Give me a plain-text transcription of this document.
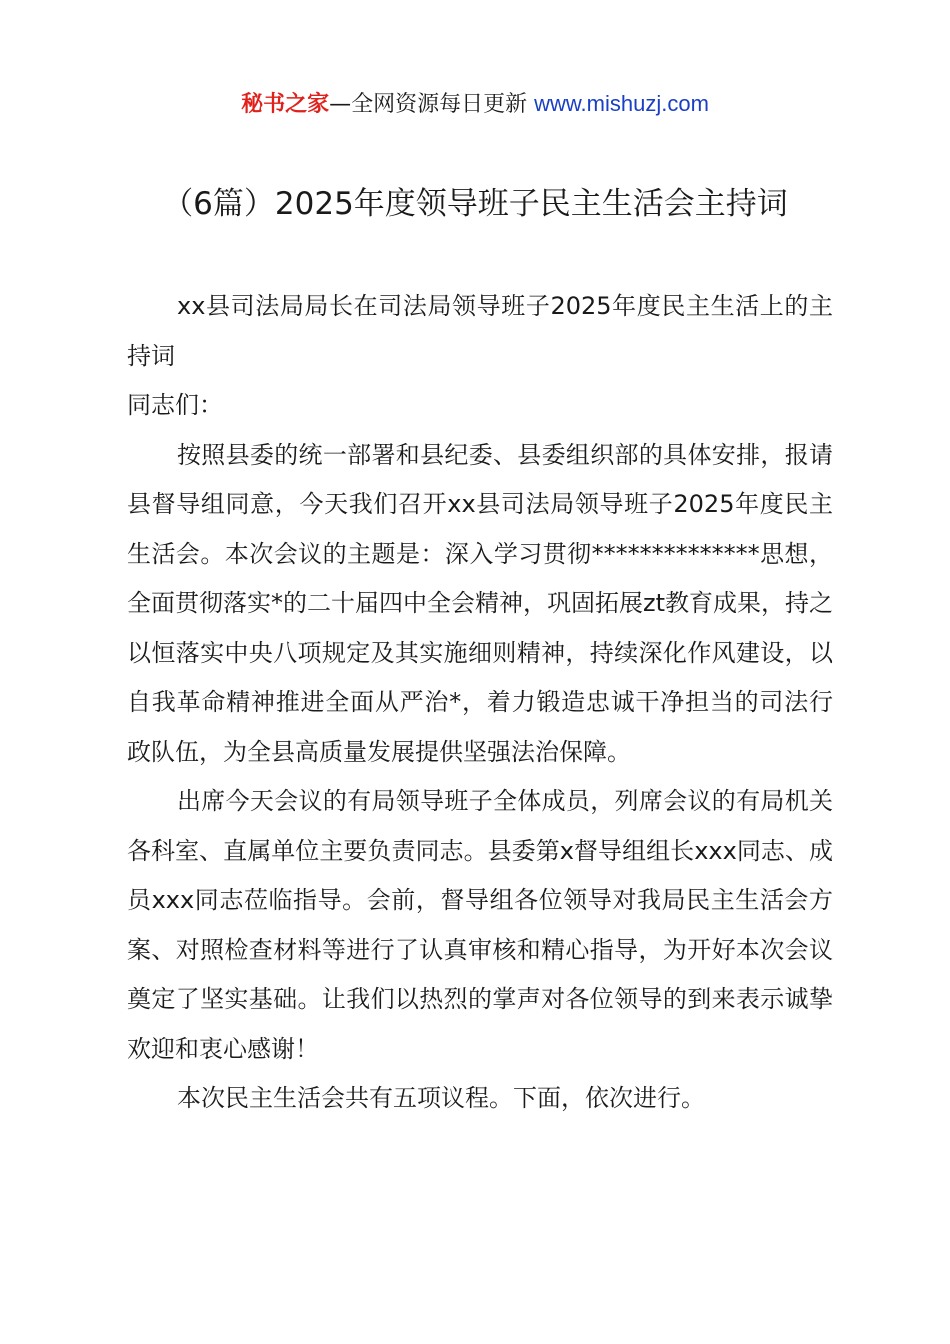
秘书之家—全网资源每日更新 www.mishuzj.com
（6篇）2025年度领导班子民主生活会主持词

xx县司法局局长在司法局领导班子2025年度民主生活上的主持词

同志们：

按照县委的统一部署和县纪委、县委组织部的具体安排，报请县督导组同意，今天我们召开xx县司法局领导班子2025年度民主生活会。本次会议的主题是：深入学习贯彻**************思想，全面贯彻落实*的二十届四中全会精神，巩固拓展zt教育成果，持之以恒落实中央八项规定及其实施细则精神，持续深化作风建设，以自我革命精神推进全面从严治*，着力锻造忠诚干净担当的司法行政队伍，为全县高质量发展提供坚强法治保障。

出席今天会议的有局领导班子全体成员，列席会议的有局机关各科室、直属单位主要负责同志。县委第x督导组组长xxx同志、成员xxx同志莅临指导。会前，督导组各位领导对我局民主生活会方案、对照检查材料等进行了认真审核和精心指导，为开好本次会议奠定了坚实基础。让我们以热烈的掌声对各位领导的到来表示诚挚欢迎和衷心感谢！

本次民主生活会共有五项议程。下面，依次进行。
